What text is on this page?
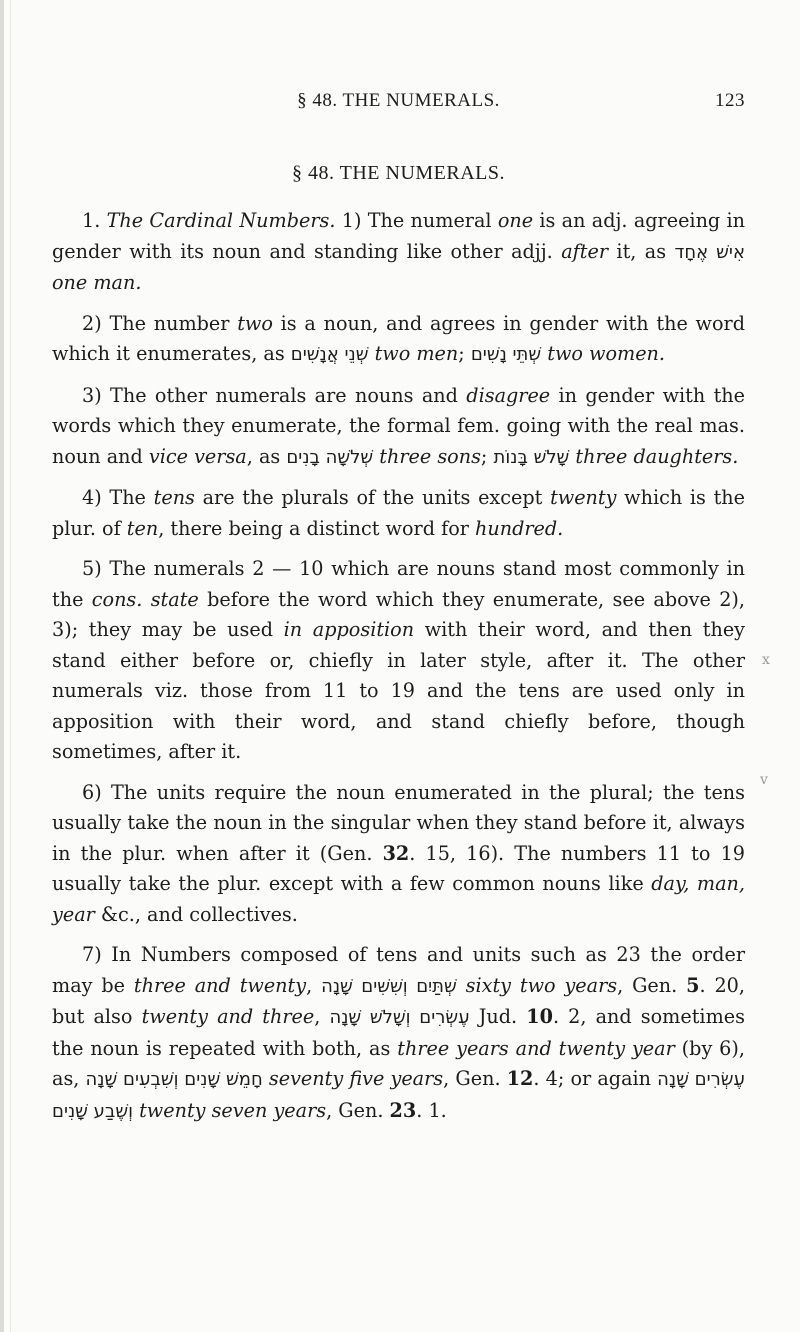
§ 48. THE NUMERALS.	123
§ 48. THE NUMERALS.

1. The Cardinal Numbers. 1) The numeral one is an adj. agreeing in gender with its noun and standing like other adjj. after it, as אִישׁ אֶחָד one man.

2) The number two is a noun, and agrees in gender with the word which it enumerates, as שְׁנֵי אֲנָשִׁים two men; שְׁתֵּי נָשִׁים two women.

3) The other numerals are nouns and disagree in gender with the words which they enumerate, the formal fem. going with the real mas. noun and vice versa, as שְׁלשָׁה בָנִים three sons; שָׁלשׁ בָּנוֹת three daughters.

4) The tens are the plurals of the units except twenty which is the plur. of ten, there being a distinct word for hundred.

5) The numerals 2 — 10 which are nouns stand most commonly in the cons. state before the word which they enumerate, see above 2), 3); they may be used in apposition with their word, and then they stand either before or, chiefly in later style, after it. The other numerals viz. those from 11 to 19 and the tens are used only in apposition with their word, and stand chiefly before, though sometimes, after it.

6) The units require the noun enumerated in the plural; the tens usually take the noun in the singular when they stand before it, always in the plur. when after it (Gen. 32. 15, 16). The numbers 11 to 19 usually take the plur. except with a few common nouns like day, man, year &c., and collectives.

7) In Numbers composed of tens and units such as 23 the order may be three and twenty, שְׁתַּיִם וְשִׁשִּׁים שָׁנָה sixty two years, Gen. 5. 20, but also twenty and three, עֶשְׂרִים וְשָׁלשׁ שָׁנָה Jud. 10. 2, and sometimes the noun is repeated with both, as three years and twenty year (by 6), as, חָמֵשׁ שָׁנִים וְשִׁבְעִים שָׁנָה seventy five years, Gen. 12. 4; or again עֶשְׂרִים שָׁנָה וְשֶׁבַע שָׁנִים twenty seven years, Gen. 23. 1.

x
v
